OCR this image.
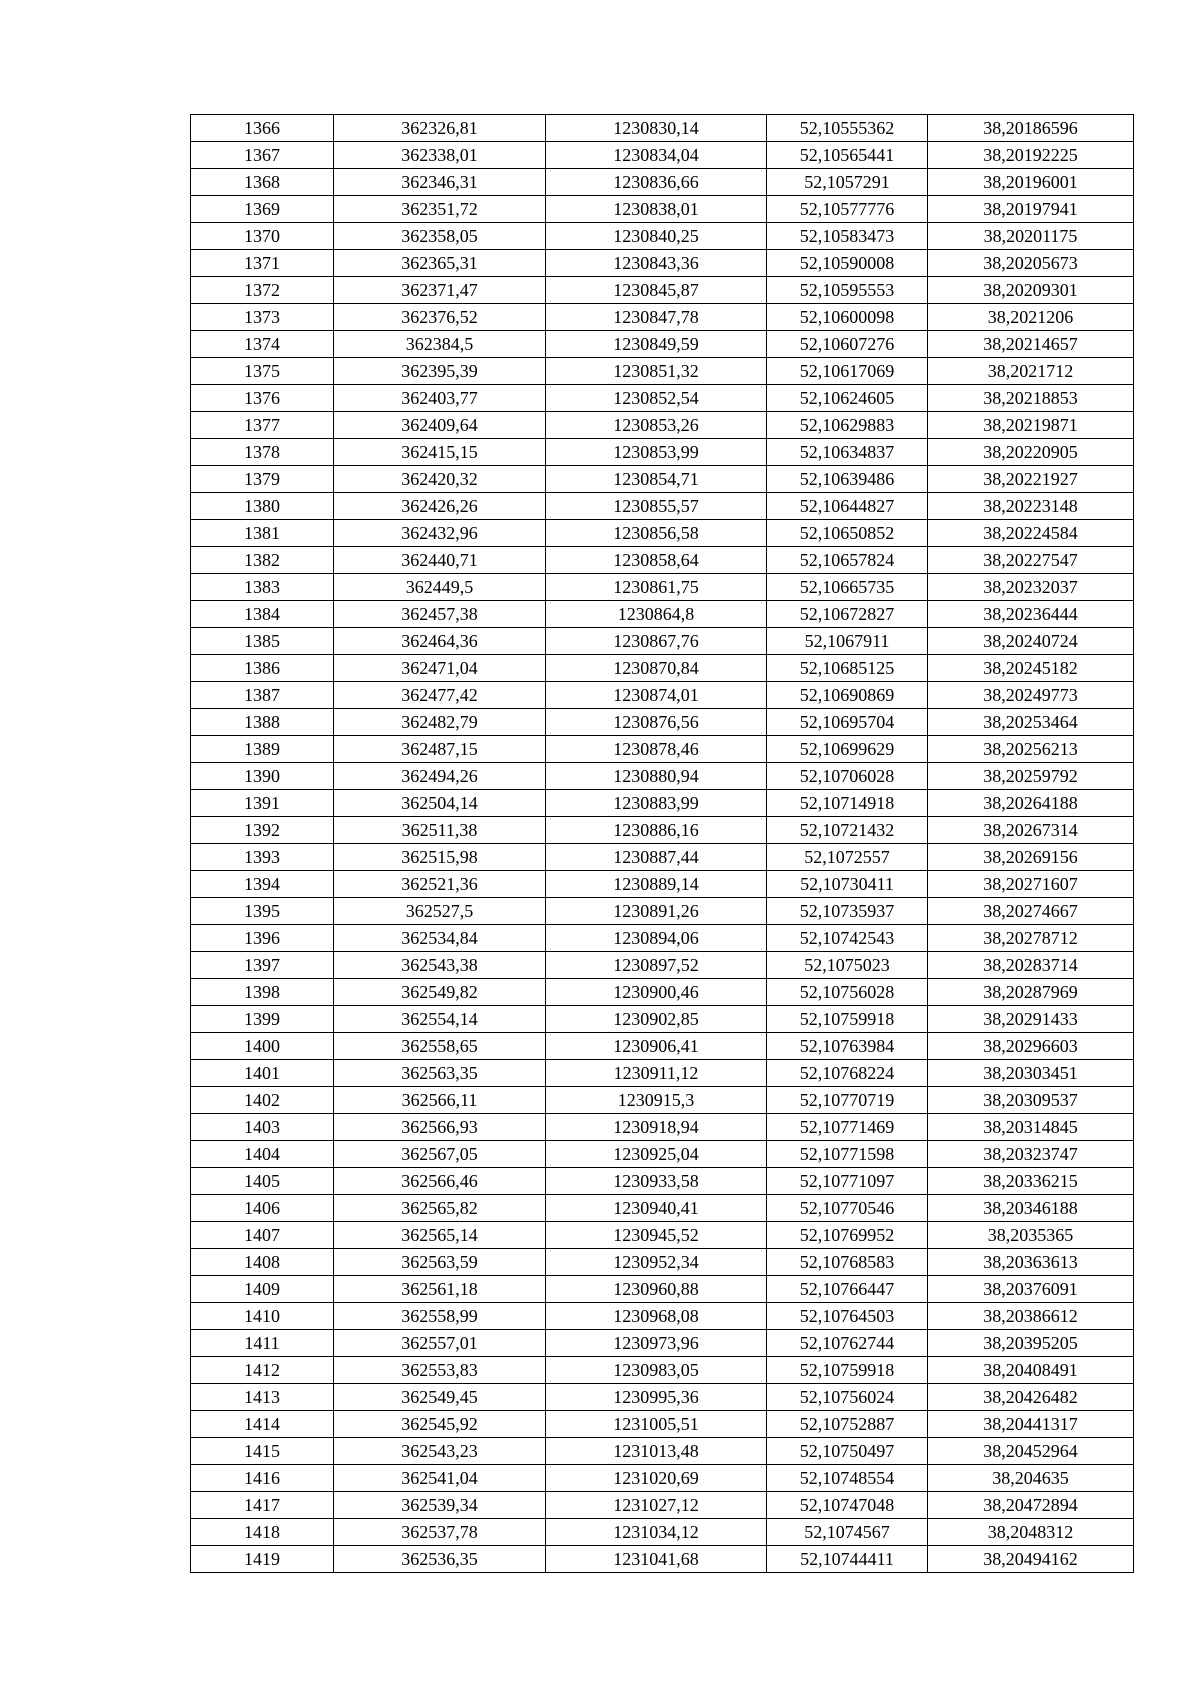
1366	362326,81	1230830,14	52,10555362	38,20186596
1367	362338,01	1230834,04	52,10565441	38,20192225
1368	362346,31	1230836,66	52,1057291	38,20196001
1369	362351,72	1230838,01	52,10577776	38,20197941
1370	362358,05	1230840,25	52,10583473	38,20201175
1371	362365,31	1230843,36	52,10590008	38,20205673
1372	362371,47	1230845,87	52,10595553	38,20209301
1373	362376,52	1230847,78	52,10600098	38,2021206
1374	362384,5	1230849,59	52,10607276	38,20214657
1375	362395,39	1230851,32	52,10617069	38,2021712
1376	362403,77	1230852,54	52,10624605	38,20218853
1377	362409,64	1230853,26	52,10629883	38,20219871
1378	362415,15	1230853,99	52,10634837	38,20220905
1379	362420,32	1230854,71	52,10639486	38,20221927
1380	362426,26	1230855,57	52,10644827	38,20223148
1381	362432,96	1230856,58	52,10650852	38,20224584
1382	362440,71	1230858,64	52,10657824	38,20227547
1383	362449,5	1230861,75	52,10665735	38,20232037
1384	362457,38	1230864,8	52,10672827	38,20236444
1385	362464,36	1230867,76	52,1067911	38,20240724
1386	362471,04	1230870,84	52,10685125	38,20245182
1387	362477,42	1230874,01	52,10690869	38,20249773
1388	362482,79	1230876,56	52,10695704	38,20253464
1389	362487,15	1230878,46	52,10699629	38,20256213
1390	362494,26	1230880,94	52,10706028	38,20259792
1391	362504,14	1230883,99	52,10714918	38,20264188
1392	362511,38	1230886,16	52,10721432	38,20267314
1393	362515,98	1230887,44	52,1072557	38,20269156
1394	362521,36	1230889,14	52,10730411	38,20271607
1395	362527,5	1230891,26	52,10735937	38,20274667
1396	362534,84	1230894,06	52,10742543	38,20278712
1397	362543,38	1230897,52	52,1075023	38,20283714
1398	362549,82	1230900,46	52,10756028	38,20287969
1399	362554,14	1230902,85	52,10759918	38,20291433
1400	362558,65	1230906,41	52,10763984	38,20296603
1401	362563,35	1230911,12	52,10768224	38,20303451
1402	362566,11	1230915,3	52,10770719	38,20309537
1403	362566,93	1230918,94	52,10771469	38,20314845
1404	362567,05	1230925,04	52,10771598	38,20323747
1405	362566,46	1230933,58	52,10771097	38,20336215
1406	362565,82	1230940,41	52,10770546	38,20346188
1407	362565,14	1230945,52	52,10769952	38,2035365
1408	362563,59	1230952,34	52,10768583	38,20363613
1409	362561,18	1230960,88	52,10766447	38,20376091
1410	362558,99	1230968,08	52,10764503	38,20386612
1411	362557,01	1230973,96	52,10762744	38,20395205
1412	362553,83	1230983,05	52,10759918	38,20408491
1413	362549,45	1230995,36	52,10756024	38,20426482
1414	362545,92	1231005,51	52,10752887	38,20441317
1415	362543,23	1231013,48	52,10750497	38,20452964
1416	362541,04	1231020,69	52,10748554	38,204635
1417	362539,34	1231027,12	52,10747048	38,20472894
1418	362537,78	1231034,12	52,1074567	38,2048312
1419	362536,35	1231041,68	52,10744411	38,20494162
